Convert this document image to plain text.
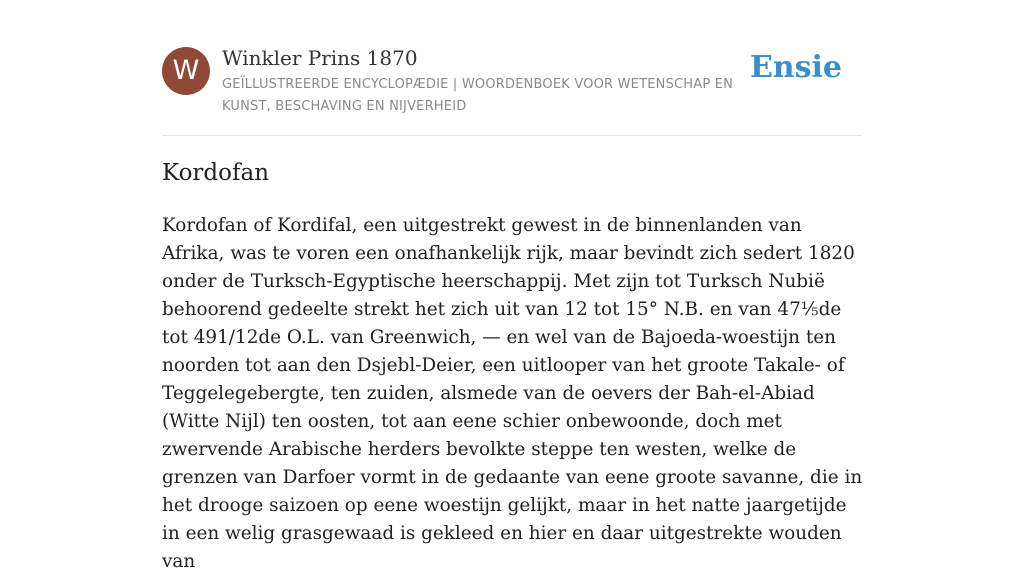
W	Winkler Prins 1870
GEÏLLUSTREERDE ENCYCLOPÆDIE | WOORDENBOEK VOOR WETENSCHAP EN KUNST, BESCHAVING EN NIJVERHEID
Ensie
Kordofan

Kordofan of Kordifal, een uitgestrekt gewest in de binnenlanden van Afrika, was te voren een onafhankelijk rijk, maar bevindt zich sedert 1820 onder de Turksch-Egyptische heerschappij. Met zijn tot Turksch Nubië behoorend gedeelte strekt het zich uit van 12 tot 15° N.B. en van 47⅕de tot 491/12de O.L. van Greenwich, — en wel van de Bajoeda-woestijn ten noorden tot aan den Dsjebl-Deier, een uitlooper van het groote Takale- of Teggelegebergte, ten zuiden, alsmede van de oevers der Bah-el-Abiad (Witte Nijl) ten oosten, tot aan eene schier onbewoonde, doch met zwervende Arabische herders bevolkte steppe ten westen, welke de grenzen van Darfoer vormt in de gedaante van eene groote savanne, die in het drooge saizoen op eene woestijn gelijkt, maar in het natte jaargetijde in een welig grasgewaad is gekleed en hier en daar uitgestrekte wouden van
